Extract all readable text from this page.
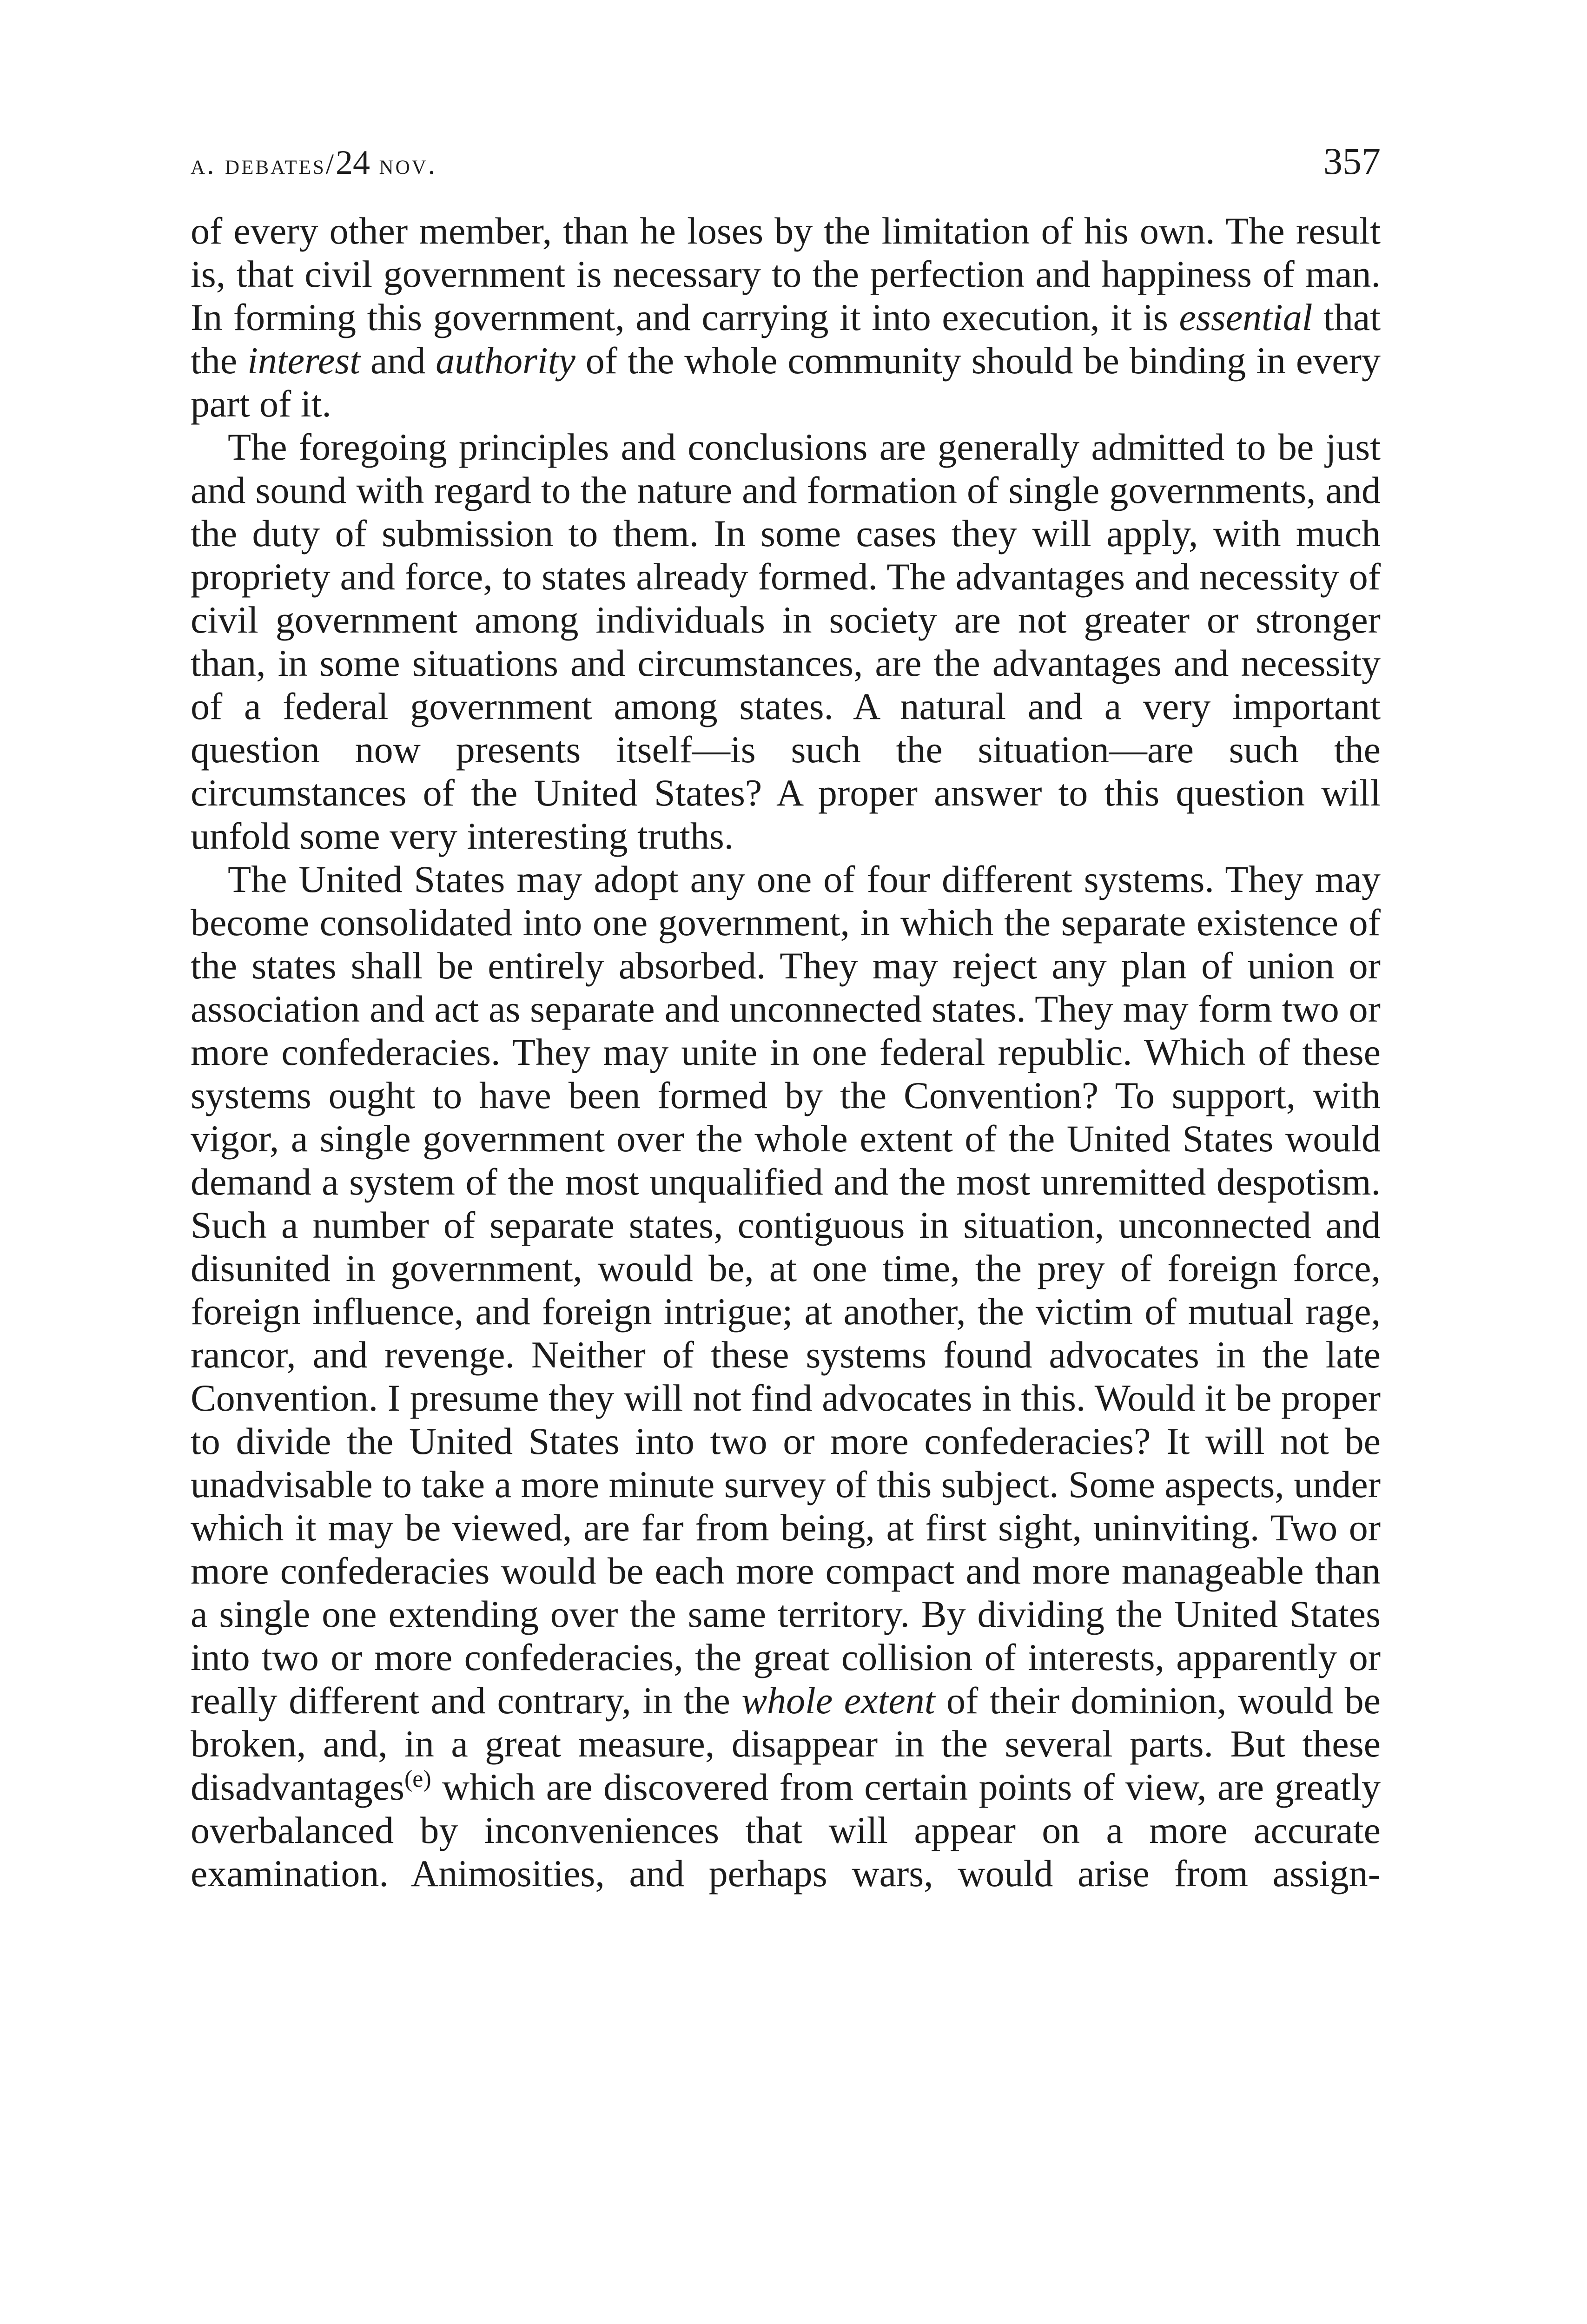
a. debates/24 nov.	357

of every other member, than he loses by the limitation of his own. The result is, that civil government is necessary to the perfection and happiness of man. In forming this government, and carrying it into execution, it is essential that the interest and authority of the whole community should be binding in every part of it.

The foregoing principles and conclusions are generally admitted to be just and sound with regard to the nature and formation of single governments, and the duty of submission to them. In some cases they will apply, with much propriety and force, to states already formed. The advantages and necessity of civil government among individuals in society are not greater or stronger than, in some situations and circumstances, are the advantages and necessity of a federal government among states. A natural and a very important question now presents itself—is such the situation—are such the circumstances of the United States? A proper answer to this question will unfold some very interesting truths.

The United States may adopt any one of four different systems. They may become consolidated into one government, in which the separate existence of the states shall be entirely absorbed. They may reject any plan of union or association and act as separate and unconnected states. They may form two or more confederacies. They may unite in one federal republic. Which of these systems ought to have been formed by the Convention? To support, with vigor, a single government over the whole extent of the United States would demand a system of the most unqualified and the most unremitted despotism. Such a number of separate states, contiguous in situation, unconnected and disunited in government, would be, at one time, the prey of foreign force, foreign influence, and foreign intrigue; at another, the victim of mutual rage, rancor, and revenge. Neither of these systems found advocates in the late Convention. I presume they will not find advocates in this. Would it be proper to divide the United States into two or more confederacies? It will not be unadvisable to take a more minute survey of this subject. Some aspects, under which it may be viewed, are far from being, at first sight, uninviting. Two or more confederacies would be each more compact and more manageable than a single one extending over the same territory. By dividing the United States into two or more confederacies, the great collision of interests, apparently or really different and contrary, in the whole extent of their dominion, would be broken, and, in a great measure, disappear in the several parts. But these disadvantages$^{(e)}$ which are discovered from certain points of view, are greatly overbalanced by inconveniences that will appear on a more accurate examination. Animosities, and perhaps wars, would arise from assign-
